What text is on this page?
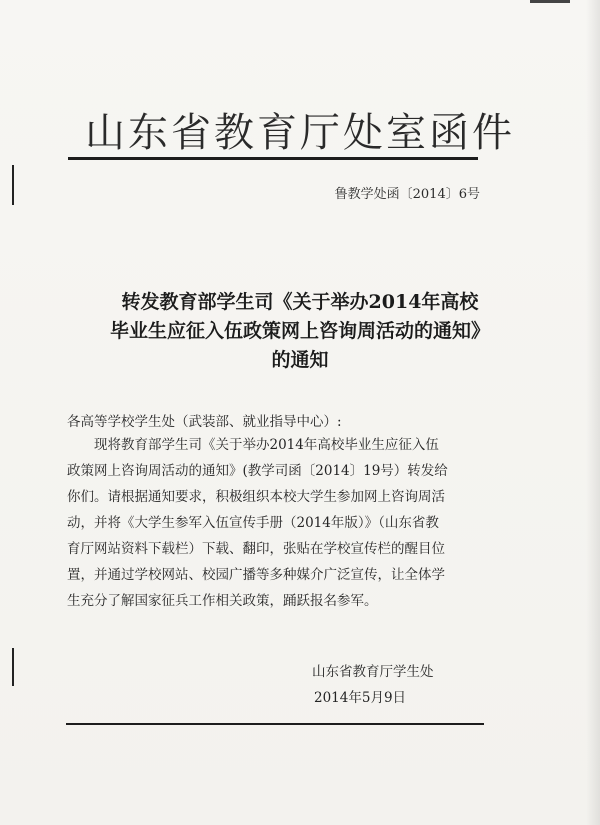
山东省教育厅处室函件
鲁教学处函〔2014〕6号
转发教育部学生司《关于举办2014年高校
毕业生应征入伍政策网上咨询周活动的通知》
的通知
各高等学校学生处（武装部、就业指导中心）:
现将教育部学生司《关于举办2014年高校毕业生应征入伍
政策网上咨询周活动的通知》(教学司函〔2014〕19号）转发给
你们。请根据通知要求，积极组织本校大学生参加网上咨询周活
动，并将《大学生参军入伍宣传手册（2014年版）》（山东省教
育厅网站资料下载栏）下载、翻印，张贴在学校宣传栏的醒目位
置，并通过学校网站、校园广播等多种媒介广泛宣传，让全体学
生充分了解国家征兵工作相关政策，踊跃报名参军。
山东省教育厅学生处
2014年5月9日
